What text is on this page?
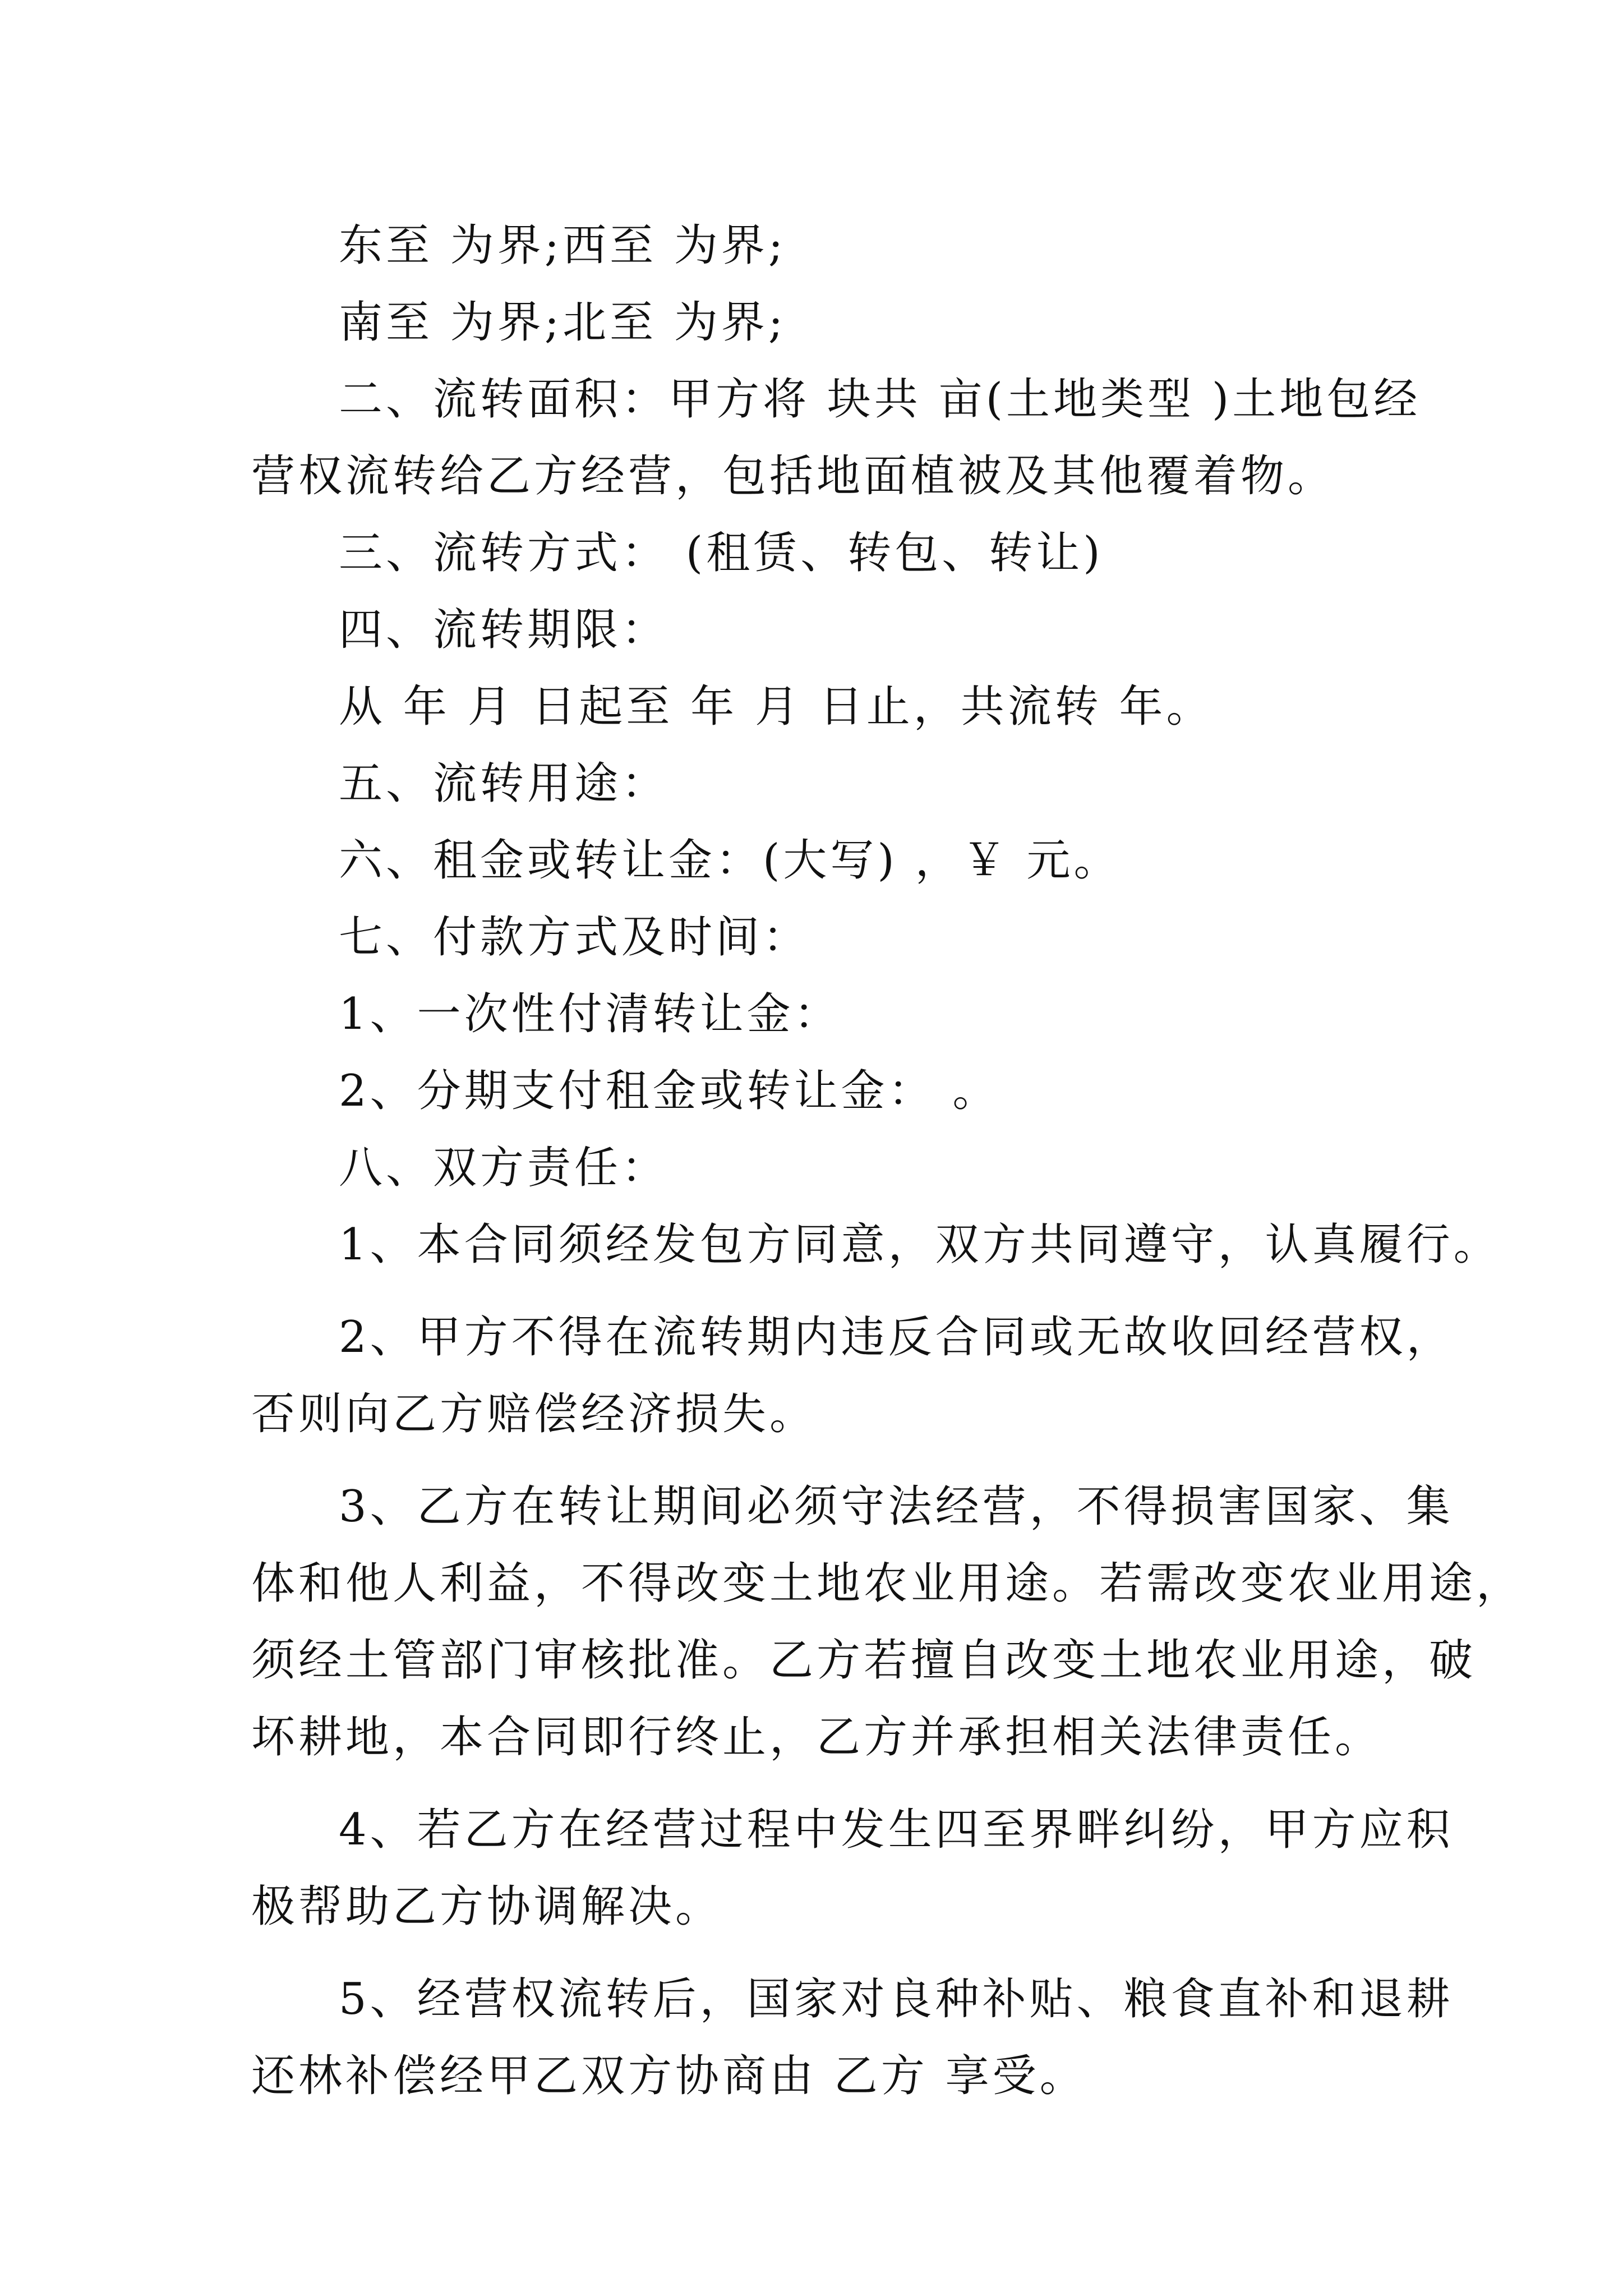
东至 为界;西至 为界;
南至 为界;北至 为界;
二、流转面积：甲方将 块共 亩(土地类型 )土地包经
营权流转给乙方经营，包括地面植被及其他覆着物。
三、流转方式： (租赁、转包、转让)
四、流转期限：
从 年 月 日起至 年 月 日止，共流转 年。
五、流转用途：
六、租金或转让金：(大写) ，￥ 元。
七、付款方式及时间：
1、一次性付清转让金：
2、分期支付租金或转让金： 。
八、双方责任：
1、本合同须经发包方同意，双方共同遵守，认真履行。
2、甲方不得在流转期内违反合同或无故收回经营权，
否则向乙方赔偿经济损失。
3、乙方在转让期间必须守法经营，不得损害国家、集
体和他人利益，不得改变土地农业用途。若需改变农业用途，
须经土管部门审核批准。乙方若擅自改变土地农业用途，破
坏耕地，本合同即行终止，乙方并承担相关法律责任。
4、若乙方在经营过程中发生四至界畔纠纷，甲方应积
极帮助乙方协调解决。
5、经营权流转后，国家对良种补贴、粮食直补和退耕
还林补偿经甲乙双方协商由 乙方 享受。
